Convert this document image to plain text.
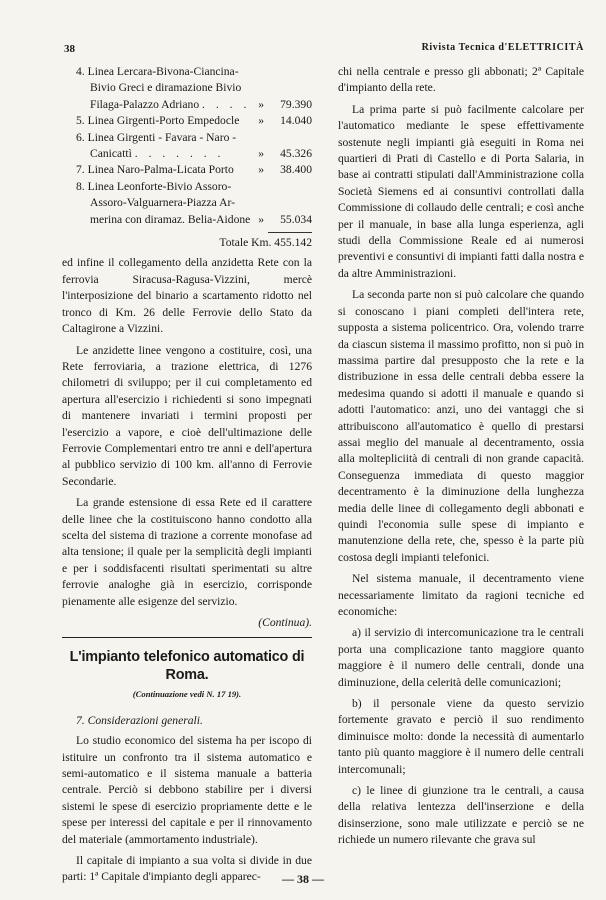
38	Rivista Tecnica d'ELETTRICITÀ
4. Linea Lercara-Bivona-Ciancina-
Bivio Greci e diramazione Bivio
Filaga-Palazzo Adriano . . . . »	79.390
5. Linea Girgenti-Porto Empedocle »	14.040
6. Linea Girgenti - Favara - Naro -
Canicattì . . . . . . .	»	45.326
7. Linea Naro-Palma-Licata Porto »	38.400
8. Linea Leonforte-Bivio Assoro-
Assoro-Valguarnera-Piazza Ar-
merina con diramaz. Belia-Aidone »	55.034
Totale Km. 455.142

ed infine il collegamento della anzidetta Rete con la ferrovia Siracusa-Ragusa-Vizzini, mercè l'interposizione del binario a scartamento ridotto nel tronco di Km. 26 delle Ferrovie dello Stato da Caltagirone a Vizzini.

Le anzidette linee vengono a costituire, così, una Rete ferroviaria, a trazione elettrica, di 1276 chilometri di sviluppo; per il cui completamento ed apertura all'esercizio i richiedenti si sono impegnati di mantenere invariati i termini proposti per l'esercizio a vapore, e cioè dell'ultimazione delle Ferrovie Complementari entro tre anni e dell'apertura al pubblico servizio di 100 km. all'anno di Ferrovie Secondarie.

La grande estensione di essa Rete ed il carattere delle linee che la costituiscono hanno condotto alla scelta del sistema di trazione a corrente monofase ad alta tensione; il quale per la semplicità degli impianti e per i soddisfacenti risultati sperimentati su altre ferrovie analoghe già in esercizio, corrisponde pienamente alle esigenze del servizio.

(Continua).
L'impianto telefonico automatico di Roma.
(Continuazione vedi N. 17 19).
7. Considerazioni generali.

Lo studio economico del sistema ha per iscopo di istituire un confronto tra il sistema automatico e semi-automatico e il sistema manuale a batteria centrale. Perciò si debbono stabilire per i diversi sistemi le spese di esercizio propriamente dette e le spese per interessi del capitale e per il rinnovamento del materiale (ammortamento industriale).

Il capitale di impianto a sua volta si divide in due parti: 1ª Capitale d'impianto degli apparec-

chi nella centrale e presso gli abbonati; 2ª Capitale d'impianto della rete.

La prima parte si può facilmente calcolare per l'automatico mediante le spese effettivamente sostenute negli impianti già eseguiti in Roma nei quartieri di Prati di Castello e di Porta Salaria, in base ai contratti stipulati dall'Amministrazione colla Società Siemens ed ai consuntivi controllati dalla Commissione di collaudo delle centrali; e così anche per il manuale, in base alla lunga esperienza, agli studi della Commissione Reale ed ai numerosi preventivi e consuntivi di impianti fatti dalla nostra e da altre Amministrazioni.

La seconda parte non si può calcolare che quando si conoscano i piani completi dell'intera rete, supposta a sistema policentrico. Ora, volendo trarre da ciascun sistema il massimo profitto, non si può in massima partire dal presupposto che la rete e la distribuzione in essa delle centrali debba essere la medesima quando si adotti il manuale e quando si adotti l'automatico: anzi, uno dei vantaggi che si attribuiscono all'automatico è quello di prestarsi assai meglio del manuale al decentramento, ossia alla moltepliciità di centrali di non grande capacità. Conseguenza immediata di questo maggior decentramento è la diminuzione della lunghezza media delle linee di collegamento degli abbonati e quindi l'economia sulle spese di impianto e manutenzione della rete, che, spesso è la parte più costosa degli impianti telefonici.

Nel sistema manuale, il decentramento viene necessariamente limitato da ragioni tecniche ed economiche:

a) il servizio di intercomunicazione tra le centrali porta una complicazione tanto maggiore quanto maggiore è il numero delle centrali, donde una diminuzione, della celerità delle comunicazioni;

b) il personale viene da questo servizio fortemente gravato e perciò il suo rendimento diminuisce molto: donde la necessità di aumentarlo tanto più quanto maggiore è il numero delle centrali intercomunali;

c) le linee di giunzione tra le centrali, a causa della relativa lentezza dell'inserzione e della disinserzione, sono male utilizzate e perciò se ne richiede un numero rilevante che grava sul

— 38 —
